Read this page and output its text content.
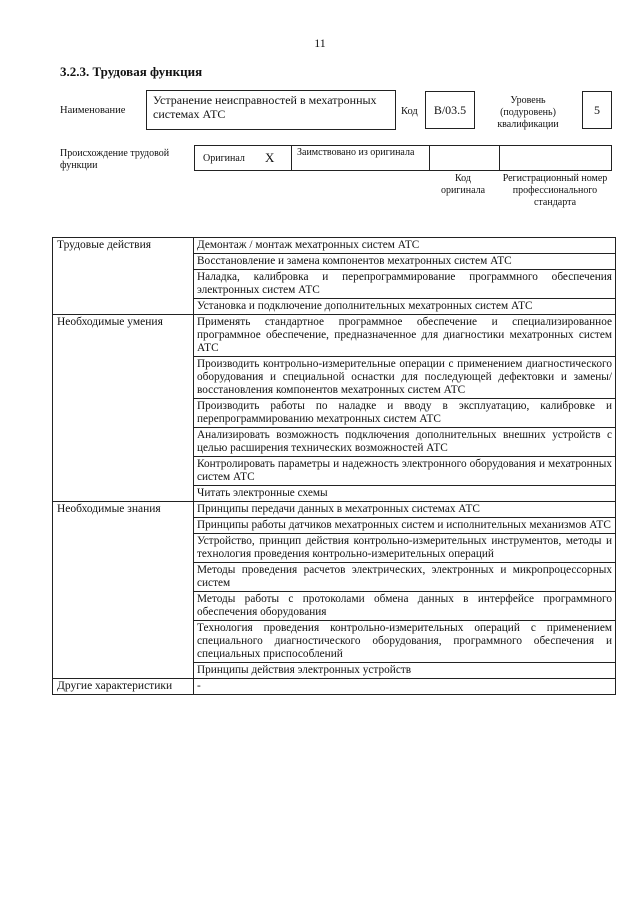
11
3.2.3. Трудовая функция
Наименование
Устранение неисправностей в мехатронных системах АТС	Код	B/03.5
Уровень (подуровень) квалификации
5
Происхождение трудовой функции
Оригинал X Заимствовано из оригинала
Код оригинала
Регистрационный номер профессионального стандарта
Трудовые действия	Демонтаж / монтаж мехатронных систем АТС
	Восстановление и замена компонентов мехатронных систем АТС
	Наладка, калибровка и перепрограммирование программного обеспечения электронных систем АТС
	Установка и подключение дополнительных мехатронных систем АТС
Необходимые умения	Применять стандартное программное обеспечение и специализированное программное обеспечение, предназначенное для диагностики мехатронных систем АТС
	Производить контрольно-измерительные операции с применением диагностического оборудования и специальной оснастки для последующей дефектовки и замены/восстановления компонентов мехатронных систем АТС
	Производить работы по наладке и вводу в эксплуатацию, калибровке и перепрограммированию мехатронных систем АТС
	Анализировать возможность подключения дополнительных внешних устройств с целью расширения технических возможностей АТС
	Контролировать параметры и надежность электронного оборудования и мехатронных систем АТС
	Читать электронные схемы
Необходимые знания	Принципы передачи данных в мехатронных системах АТС
	Принципы работы датчиков мехатронных систем и исполнительных механизмов АТС
	Устройство, принцип действия контрольно-измерительных инструментов, методы и технология проведения контрольно-измерительных операций
	Методы проведения расчетов электрических, электронных и микропроцессорных систем
	Методы работы с протоколами обмена данных в интерфейсе программного обеспечения оборудования
	Технология проведения контрольно-измерительных операций с применением специального диагностического оборудования, программного обеспечения и специальных приспособлений
	Принципы действия электронных устройств
Другие характеристики	-
